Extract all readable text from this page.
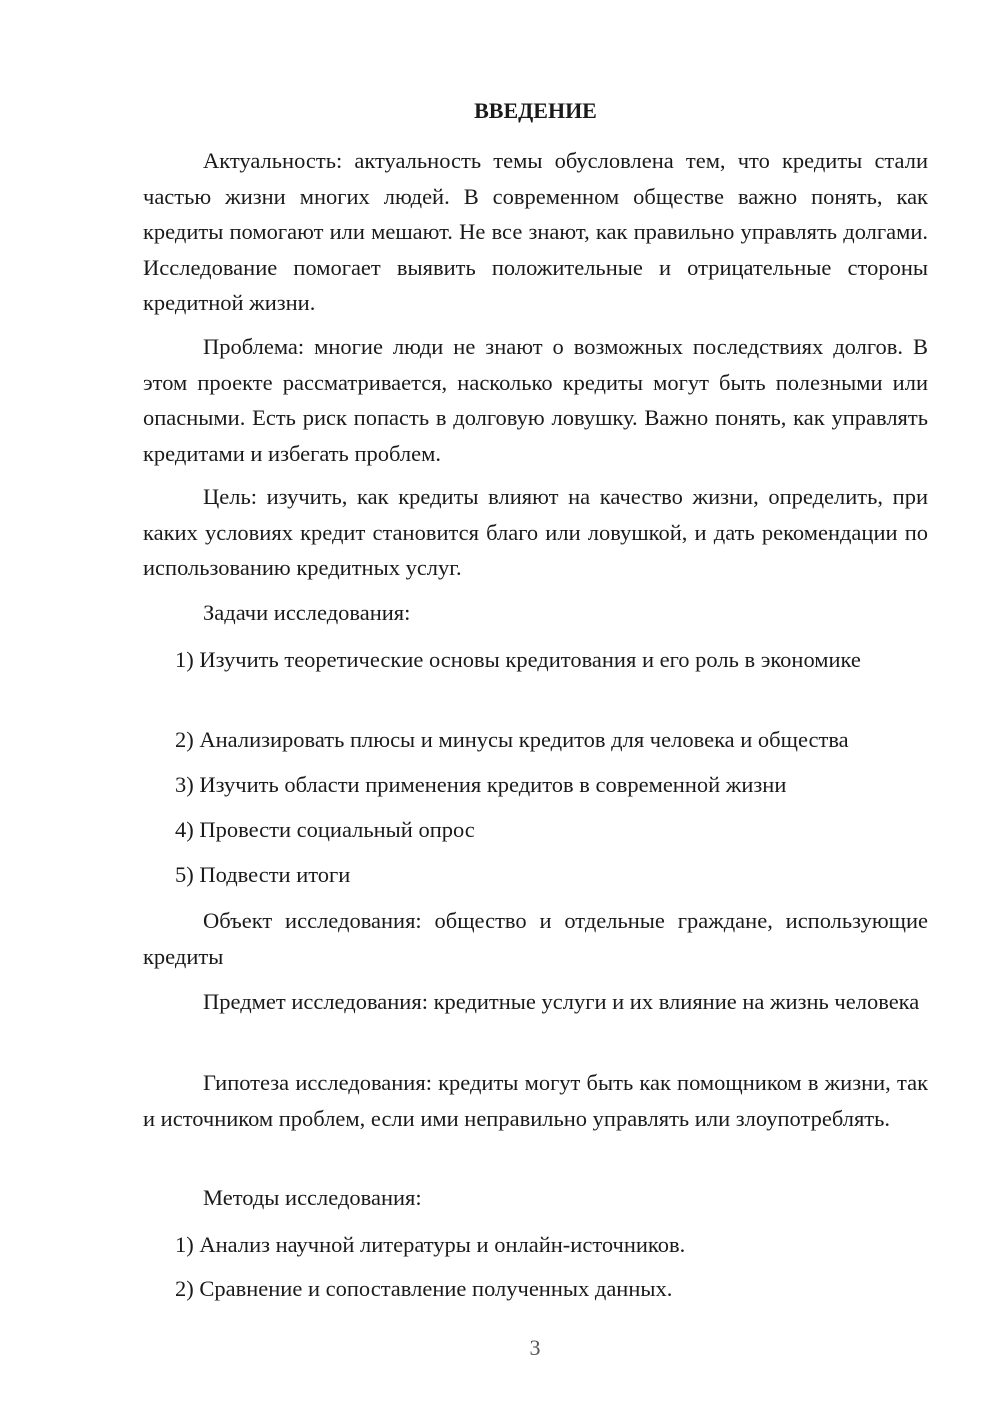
ВВЕДЕНИЕ

Актуальность: актуальность темы обусловлена тем, что кредиты стали частью жизни многих людей. В современном обществе важно понять, как кредиты помогают или мешают. Не все знают, как правильно управлять долгами. Исследование помогает выявить положительные и отрицательные стороны кредитной жизни.

Проблема: многие люди не знают о возможных последствиях долгов. В этом проекте рассматривается, насколько кредиты могут быть полезными или опасными. Есть риск попасть в долговую ловушку. Важно понять, как управлять кредитами и избегать проблем.

Цель: изучить, как кредиты влияют на качество жизни, определить, при каких условиях кредит становится благо или ловушкой, и дать рекомендации по использованию кредитных услуг.

Задачи исследования:

1) Изучить теоретические основы кредитования и его роль в экономике

2) Анализировать плюсы и минусы кредитов для человека и общества

3) Изучить области применения кредитов в современной жизни

4) Провести социальный опрос

5) Подвести итоги

Объект исследования: общество и отдельные граждане, использующие кредиты

Предмет исследования: кредитные услуги и их влияние на жизнь человека

Гипотеза исследования: кредиты могут быть как помощником в жизни, так и источником проблем, если ими неправильно управлять или злоупотреблять.

Методы исследования:

1) Анализ научной литературы и онлайн-источников.

2) Сравнение и сопоставление полученных данных.

3
